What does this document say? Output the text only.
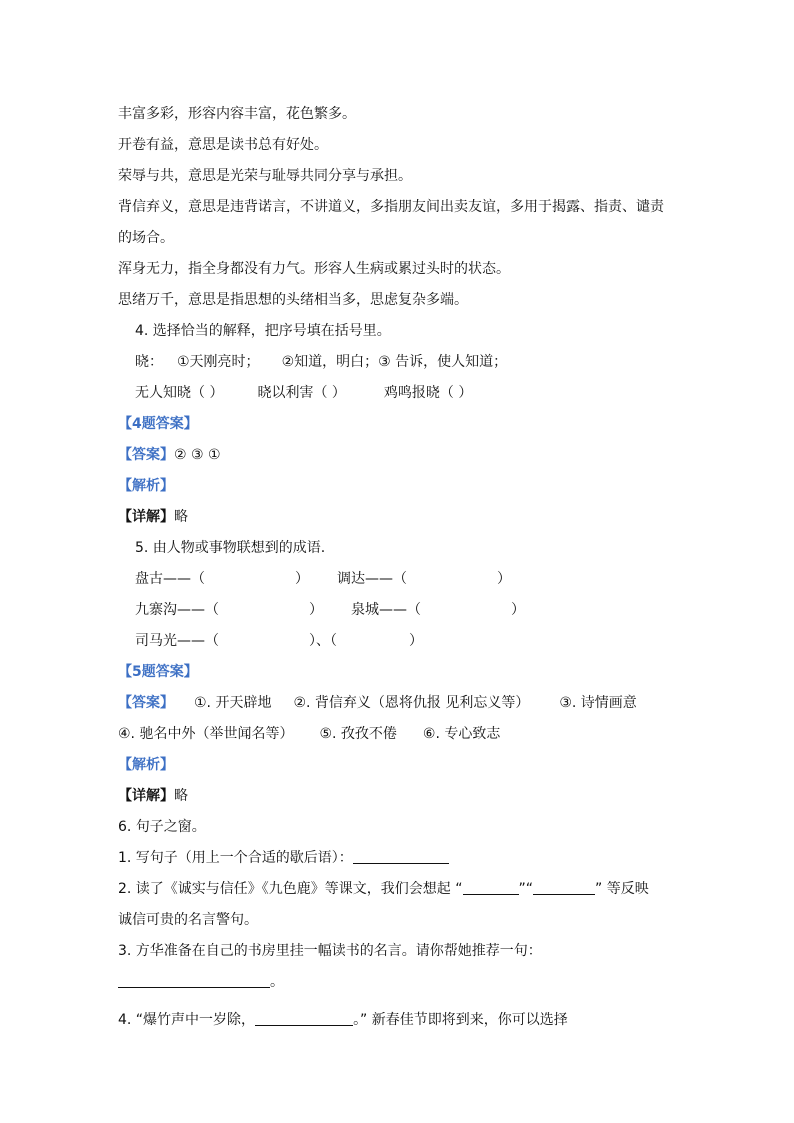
丰富多彩，形容内容丰富，花色繁多。
开卷有益，意思是读书总有好处。
荣辱与共，意思是光荣与耻辱共同分享与承担。
背信弃义，意思是违背诺言，不讲道义，多指朋友间出卖友谊，多用于揭露、指责、谴责
的场合。
浑身无力，指全身都没有力气。形容人生病或累过头时的状态。
思绪万千，意思是指思想的头绪相当多，思虑复杂多端。
4. 选择恰当的解释，把序号填在括号里。
晓： ①天刚亮时； ②知道，明白；③ 告诉，使人知道；
无人知晓（ ） 晓以利害（ ）	鸡鸣报晓（ ）
【4题答案】
【答案】② ③ ①
【解析】
【详解】略
5. 由人物或事物联想到的成语.
盘古——（	） 调达——（	）
九寨沟——（	） 泉城——（	）
司马光——（	）、（	）
【5题答案】
【答案】 ①. 开天辟地 ②. 背信弃义（恩将仇报 见利忘义等） ③. 诗情画意
④. 驰名中外（举世闻名等） ⑤. 孜孜不倦 ⑥. 专心致志
【解析】
【详解】略
6. 句子之窗。
1. 写句子（用上一个合适的歇后语）：
2. 读了《诚实与信任》《九色鹿》等课文，我们会想起 “	”“	” 等反映
诚信可贵的名言警句。
3. 方华准备在自己的书房里挂一幅读书的名言。请你帮她推荐一句：
。
4. “爆竹声中一岁除，	。” 新春佳节即将到来，你可以选择
